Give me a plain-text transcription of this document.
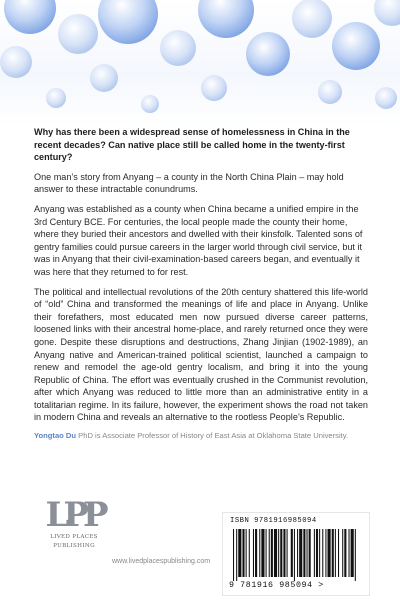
Why has there been a widespread sense of homelessness in China in the recent decades? Can native place still be called home in the twenty-first century?

One man’s story from Anyang – a county in the North China Plain – may hold answer to these intractable conundrums.

Anyang was established as a county when China became a unified empire in the 3rd Century BCE. For centuries, the local people made the county their home, where they buried their ancestors and dwelled with their kinsfolk. Talented sons of gentry families could pursue careers in the larger world through civil service, but it was in Anyang that their civil-examination-based careers began, and eventually it was here that they returned to for rest.

The political and intellectual revolutions of the 20th century shattered this life-world of “old” China and transformed the meanings of life and place in Anyang. Unlike their forefathers, most educated men now pursued diverse career patterns, loosened links with their ancestral home-place, and rarely returned once they were gone. Despite these disruptions and destructions, Zhang Jinjian (1902-1989), an Anyang native and American-trained political scientist, launched a campaign to renew and remodel the age-old gentry localism, and bring it into the young Republic of China. The effort was eventually crushed in the Communist revolution, after which Anyang was reduced to little more than an administrative entity in a totalitarian regime. In its failure, however, the experiment shows the road not taken in modern China and reveals an alternative to the rootless People’s Republic.

Yongtao Du PhD is Associate Professor of History of East Asia at Oklahoma State University.

LPP
LIVED PLACES
PUBLISHING
www.livedplacespublishing.com
ISBN 9781916985094
9 781916 985094 >
